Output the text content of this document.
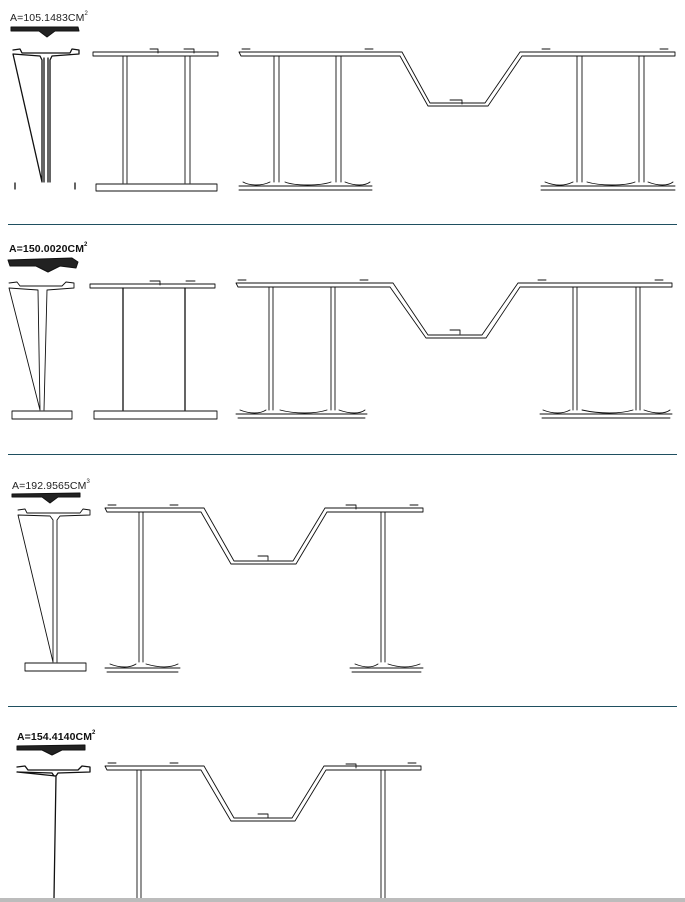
$A=105.1483CM^2$
$A=150.0020CM^2$
$A=192.9565CM^3$
$A=154.4140CM^2$
